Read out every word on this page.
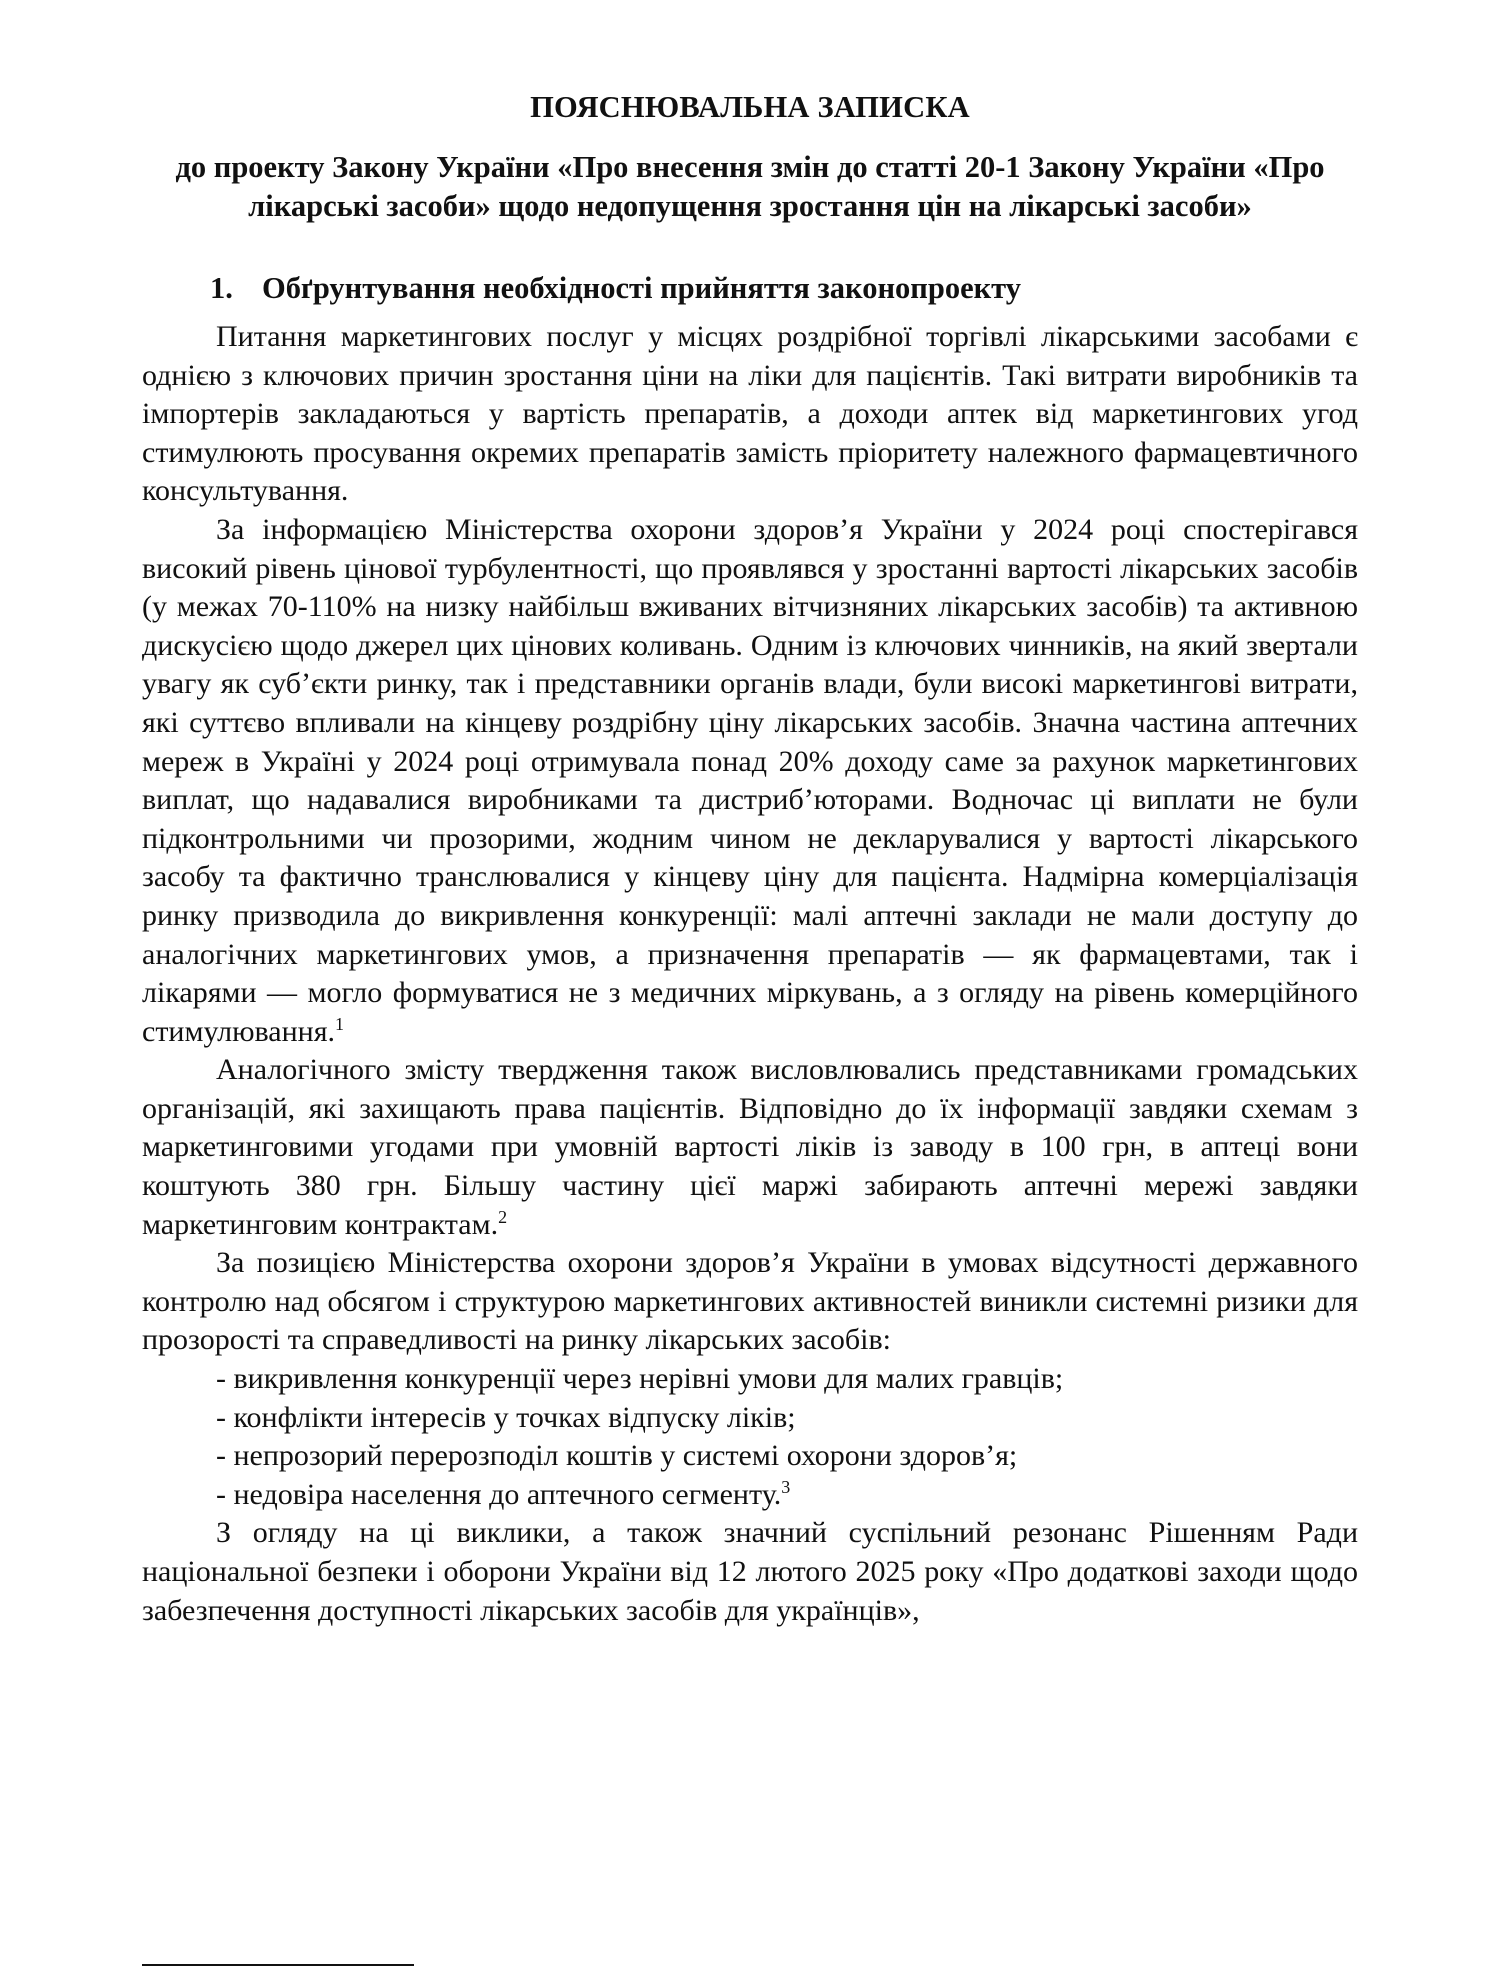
ПОЯСНЮВАЛЬНА ЗАПИСКА
до проекту Закону України «Про внесення змін до статті 20-1 Закону України «Про лікарські засоби» щодо недопущення зростання цін на лікарські засоби»
1. Обґрунтування необхідності прийняття законопроекту

Питання маркетингових послуг у місцях роздрібної торгівлі лікарськими засобами є однією з ключових причин зростання ціни на ліки для пацієнтів. Такі витрати виробників та імпортерів закладаються у вартість препаратів, а доходи аптек від маркетингових угод стимулюють просування окремих препаратів замість пріоритету належного фармацевтичного консультування.

За інформацією Міністерства охорони здоров’я України у 2024 році спостерігався високий рівень цінової турбулентності, що проявлявся у зростанні вартості лікарських засобів (у межах 70-110% на низку найбільш вживаних вітчизняних лікарських засобів) та активною дискусією щодо джерел цих цінових коливань. Одним із ключових чинників, на який звертали увагу як суб’єкти ринку, так і представники органів влади, були високі маркетингові витрати, які суттєво впливали на кінцеву роздрібну ціну лікарських засобів. Значна частина аптечних мереж в Україні у 2024 році отримувала понад 20% доходу саме за рахунок маркетингових виплат, що надавалися виробниками та дистриб’юторами. Водночас ці виплати не були підконтрольними чи прозорими, жодним чином не декларувалися у вартості лікарського засобу та фактично транслювалися у кінцеву ціну для пацієнта. Надмірна комерціалізація ринку призводила до викривлення конкуренції: малі аптечні заклади не мали доступу до аналогічних маркетингових умов, а призначення препаратів — як фармацевтами, так і лікарями — могло формуватися не з медичних міркувань, а з огляду на рівень комерційного стимулювання.$^1$

Аналогічного змісту твердження також висловлювались представниками громадських організацій, які захищають права пацієнтів. Відповідно до їх інформації завдяки схемам з маркетинговими угодами при умовній вартості ліків із заводу в 100 грн, в аптеці вони коштують 380 грн. Більшу частину цієї маржі забирають аптечні мережі завдяки маркетинговим контрактам.$^2$

За позицією Міністерства охорони здоров’я України в умовах відсутності державного контролю над обсягом і структурою маркетингових активностей виникли системні ризики для прозорості та справедливості на ринку лікарських засобів:

- викривлення конкуренції через нерівні умови для малих гравців;

- конфлікти інтересів у точках відпуску ліків;

- непрозорий перерозподіл коштів у системі охорони здоров’я;

- недовіра населення до аптечного сегменту.$^3$

З огляду на ці виклики, а також значний суспільний резонанс Рішенням Ради національної безпеки і оборони України від 12 лютого 2025 року «Про додаткові заходи щодо забезпечення доступності лікарських засобів для українців»,
